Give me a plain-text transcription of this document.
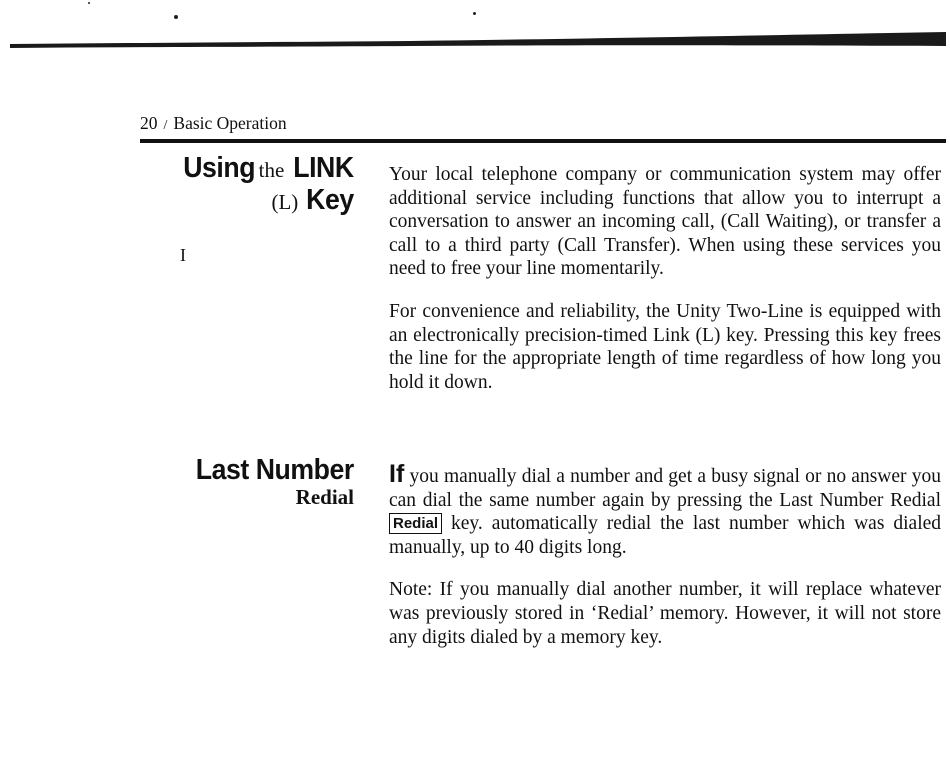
20 / Basic Operation
Using the LINK
(L) Key
I

Your local telephone company or communication system may offer additional service including functions that allow you to interrupt a conversation to answer an incoming call, (Call Waiting), or transfer a call to a third party (Call Transfer). When using these services you need to free your line momentarily.

For convenience and reliability, the Unity Two-Line is equipped with an electronically precision-timed Link (L) key. Pressing this key frees the line for the appropriate length of time regardless of how long you hold it down.

Last Number
Redial

If you manually dial a number and get a busy signal or no answer you can dial the same number again by pressing the Last Number Redial Redial key. automatically redial the last number which was dialed manually, up to 40 digits long.

Note: If you manually dial another number, it will replace whatever was previously stored in ‘Redial’ memory. However, it will not store any digits dialed by a memory key.
